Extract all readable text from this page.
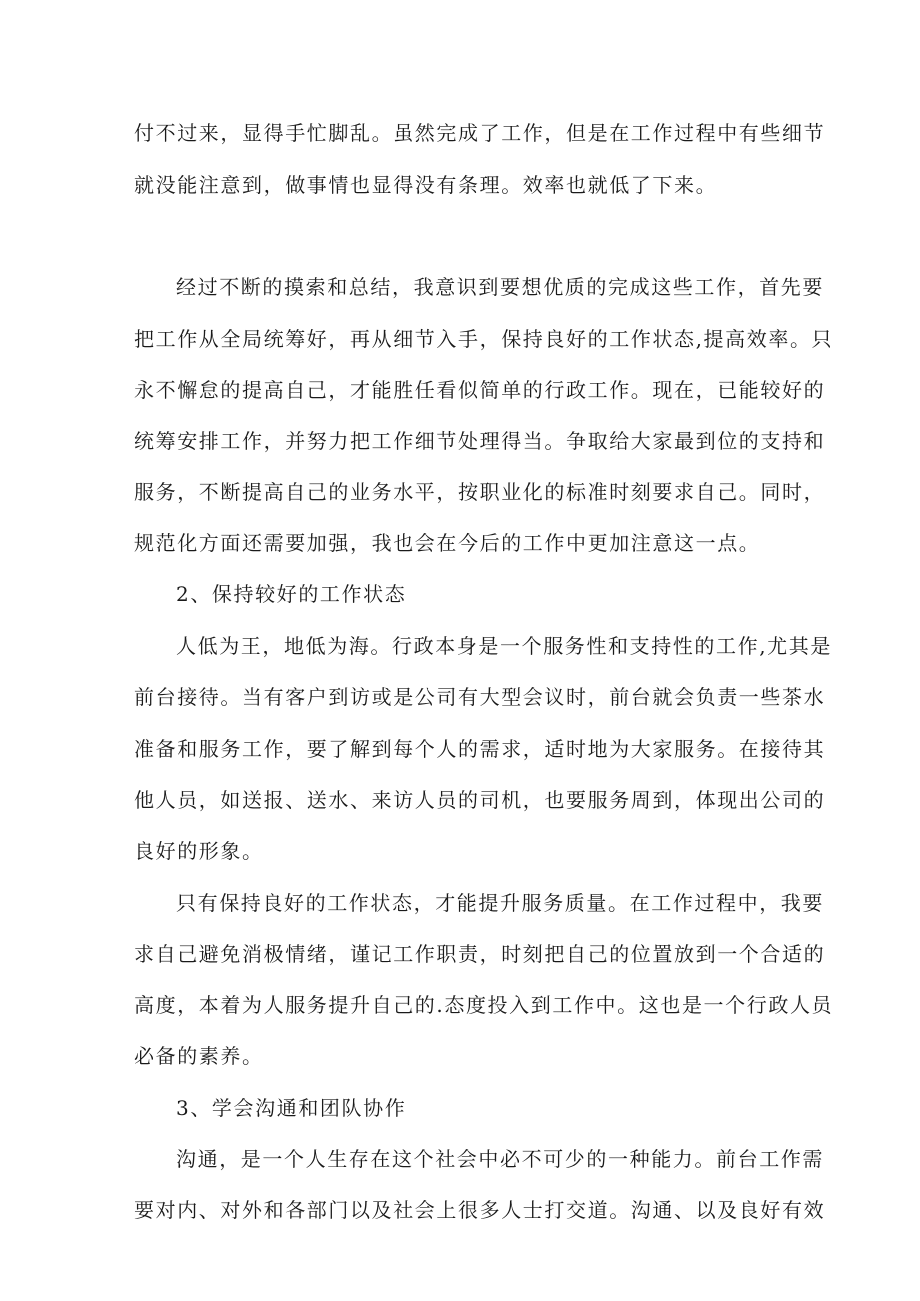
付不过来，显得手忙脚乱。虽然完成了工作，但是在工作过程中有些细节
就没能注意到，做事情也显得没有条理。效率也就低了下来。
经过不断的摸索和总结，我意识到要想优质的完成这些工作，首先要
把工作从全局统筹好，再从细节入手，保持良好的工作状态,提高效率。只
永不懈怠的提高自己，才能胜任看似简单的行政工作。现在，已能较好的
统筹安排工作，并努力把工作细节处理得当。争取给大家最到位的支持和
服务，不断提高自己的业务水平，按职业化的标准时刻要求自己。同时，
规范化方面还需要加强，我也会在今后的工作中更加注意这一点。
2、保持较好的工作状态
人低为王，地低为海。行政本身是一个服务性和支持性的工作,尤其是
前台接待。当有客户到访或是公司有大型会议时，前台就会负责一些茶水
准备和服务工作，要了解到每个人的需求，适时地为大家服务。在接待其
他人员，如送报、送水、来访人员的司机，也要服务周到，体现出公司的
良好的形象。
只有保持良好的工作状态，才能提升服务质量。在工作过程中，我要
求自己避免消极情绪，谨记工作职责，时刻把自己的位置放到一个合适的
高度，本着为人服务提升自己的.态度投入到工作中。这也是一个行政人员
必备的素养。
3、学会沟通和团队协作
沟通，是一个人生存在这个社会中必不可少的一种能力。前台工作需
要对内、对外和各部门以及社会上很多人士打交道。沟通、以及良好有效
